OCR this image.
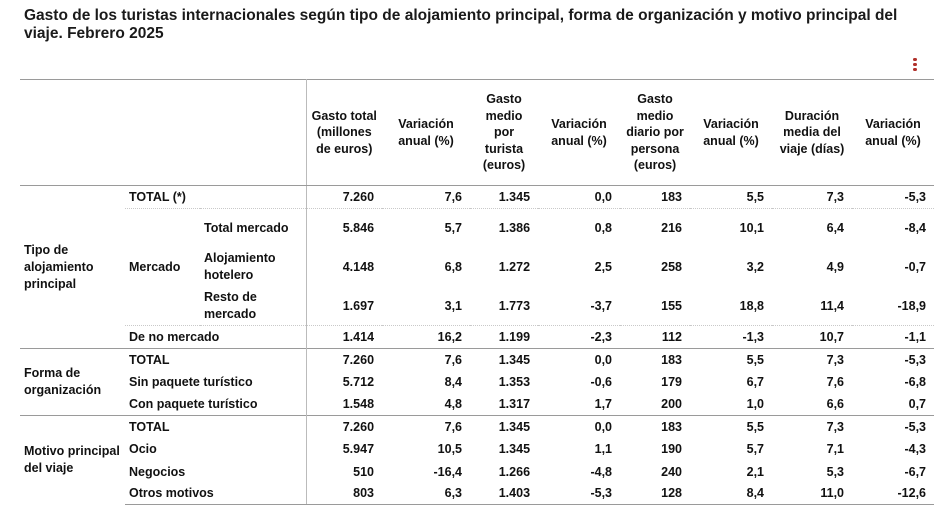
Gasto de los turistas internacionales según tipo de alojamiento principal, forma de organización y motivo principal del viaje. Febrero 2025
			Gasto total (millones de euros)	Variación anual (%)	Gasto medio por turista (euros)	Variación anual (%)	Gasto medio diario por persona (euros)	Variación anual (%)	Duración media del viaje (días)	Variación anual (%)
Tipo de alojamiento principal	TOTAL (*)		7.260	7,6	1.345	0,0	183	5,5	7,3	-5,3
	Mercado	Total mercado	5.846	5,7	1.386	0,8	216	10,1	6,4	-8,4
		Alojamiento hotelero	4.148	6,8	1.272	2,5	258	3,2	4,9	-0,7
		Resto de mercado	1.697	3,1	1.773	-3,7	155	18,8	11,4	-18,9
	De no mercado		1.414	16,2	1.199	-2,3	112	-1,3	10,7	-1,1
Forma de organización	TOTAL		7.260	7,6	1.345	0,0	183	5,5	7,3	-5,3
	Sin paquete turístico		5.712	8,4	1.353	-0,6	179	6,7	7,6	-6,8
	Con paquete turístico		1.548	4,8	1.317	1,7	200	1,0	6,6	0,7
Motivo principal del viaje	TOTAL		7.260	7,6	1.345	0,0	183	5,5	7,3	-5,3
	Ocio		5.947	10,5	1.345	1,1	190	5,7	7,1	-4,3
	Negocios		510	-16,4	1.266	-4,8	240	2,1	5,3	-6,7
	Otros motivos		803	6,3	1.403	-5,3	128	8,4	11,0	-12,6
